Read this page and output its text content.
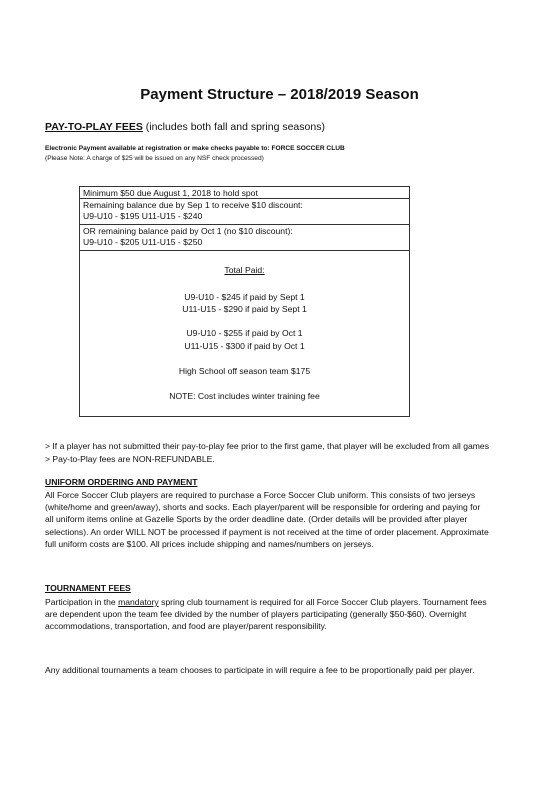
Payment Structure – 2018/2019 Season
PAY-TO-PLAY FEES (includes both fall and spring seasons)
Electronic Payment available at registration or make checks payable to: FORCE SOCCER CLUB
(Please Note: A charge of $25 will be issued on any NSF check processed)
Minimum $50 due August 1, 2018 to hold spot
Remaining balance due by Sep 1 to receive $10 discount:
U9-U10 - $195 U11-U15 - $240
OR remaining balance paid by Oct 1 (no $10 discount):
U9-U10 - $205 U11-U15 - $250
Total Paid:
U9-U10 - $245 if paid by Sept 1
U11-U15 - $290 if paid by Sept 1
U9-U10 - $255 if paid by Oct 1
U11-U15 - $300 if paid by Oct 1
High School off season team $175
NOTE: Cost includes winter training fee
> If a player has not submitted their pay-to-play fee prior to the first game, that player will be excluded from all games
> Pay-to-Play fees are NON-REFUNDABLE.
UNIFORM ORDERING AND PAYMENT
All Force Soccer Club players are required to purchase a Force Soccer Club uniform. This consists of two jerseys
(white/home and green/away), shorts and socks. Each player/parent will be responsible for ordering and paying for
all uniform items online at Gazelle Sports by the order deadline date. (Order details will be provided after player
selections). An order WILL NOT be processed if payment is not received at the time of order placement. Approximate
full uniform costs are $100. All prices include shipping and names/numbers on jerseys.
TOURNAMENT FEES
Participation in the mandatory spring club tournament is required for all Force Soccer Club players. Tournament fees
are dependent upon the team fee divided by the number of players participating (generally $50-$60). Overnight
accommodations, transportation, and food are player/parent responsibility.
Any additional tournaments a team chooses to participate in will require a fee to be proportionally paid per player.
